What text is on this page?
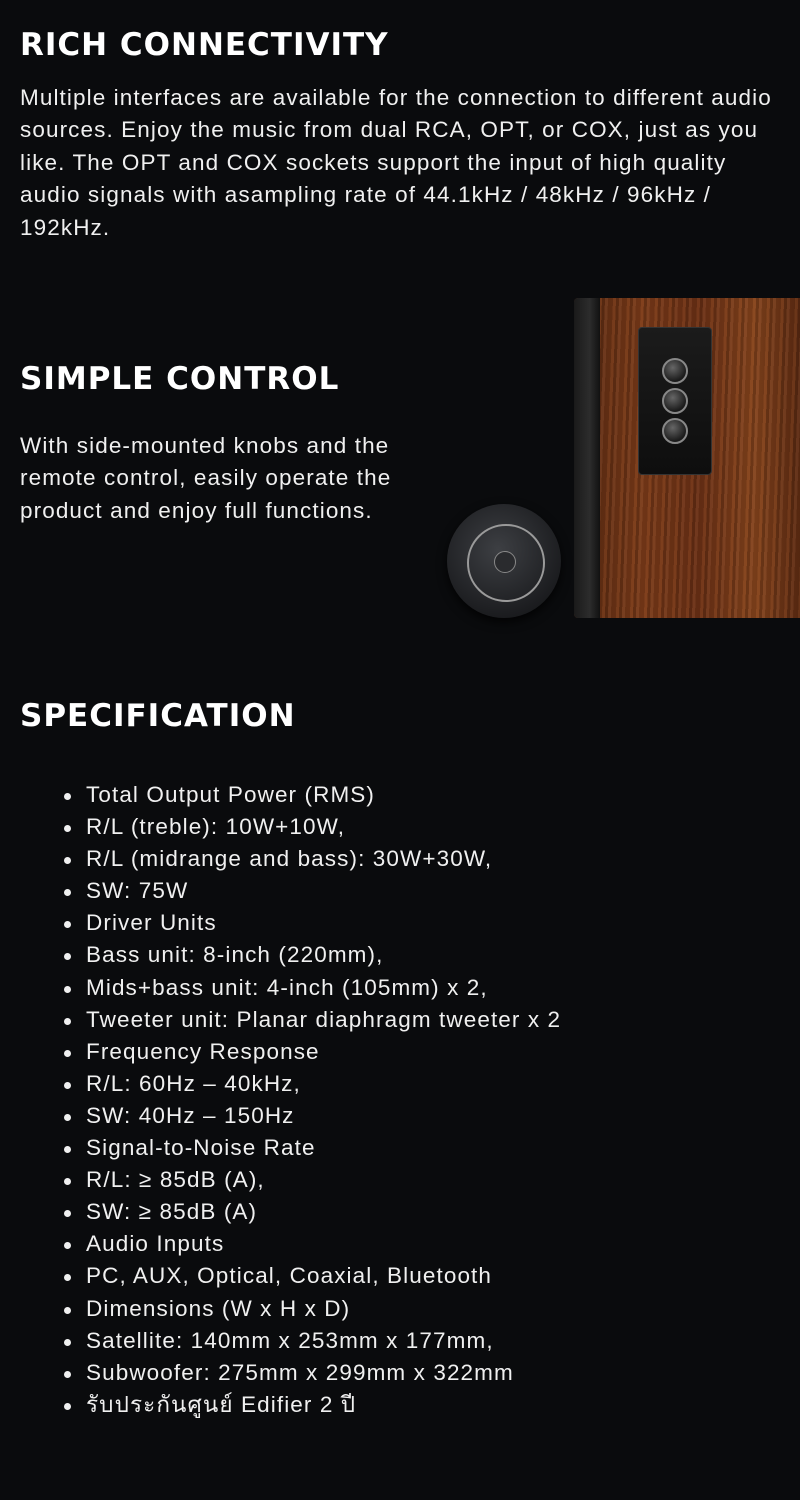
RICH CONNECTIVITY

Multiple interfaces are available for the connection to different audio sources. Enjoy the music from dual RCA, OPT, or COX, just as you like. The OPT and COX sockets support the input of high quality audio signals with asampling rate of 44.1kHz / 48kHz / 96kHz / 192kHz.

SIMPLE CONTROL

With side-mounted knobs and the remote control, easily operate the product and enjoy full functions.

SPECIFICATION
Total Output Power (RMS)
R/L (treble): 10W+10W,
R/L (midrange and bass): 30W+30W,
SW: 75W
Driver Units
Bass unit: 8-inch (220mm),
Mids+bass unit: 4-inch (105mm) x 2,
Tweeter unit: Planar diaphragm tweeter x 2
Frequency Response
R/L: 60Hz – 40kHz,
SW: 40Hz – 150Hz
Signal-to-Noise Rate
R/L: ≥ 85dB (A),
SW: ≥ 85dB (A)
Audio Inputs
PC, AUX, Optical, Coaxial, Bluetooth
Dimensions (W x H x D)
Satellite: 140mm x 253mm x 177mm,
Subwoofer: 275mm x 299mm x 322mm
รับประกันศูนย์ Edifier 2 ปี
